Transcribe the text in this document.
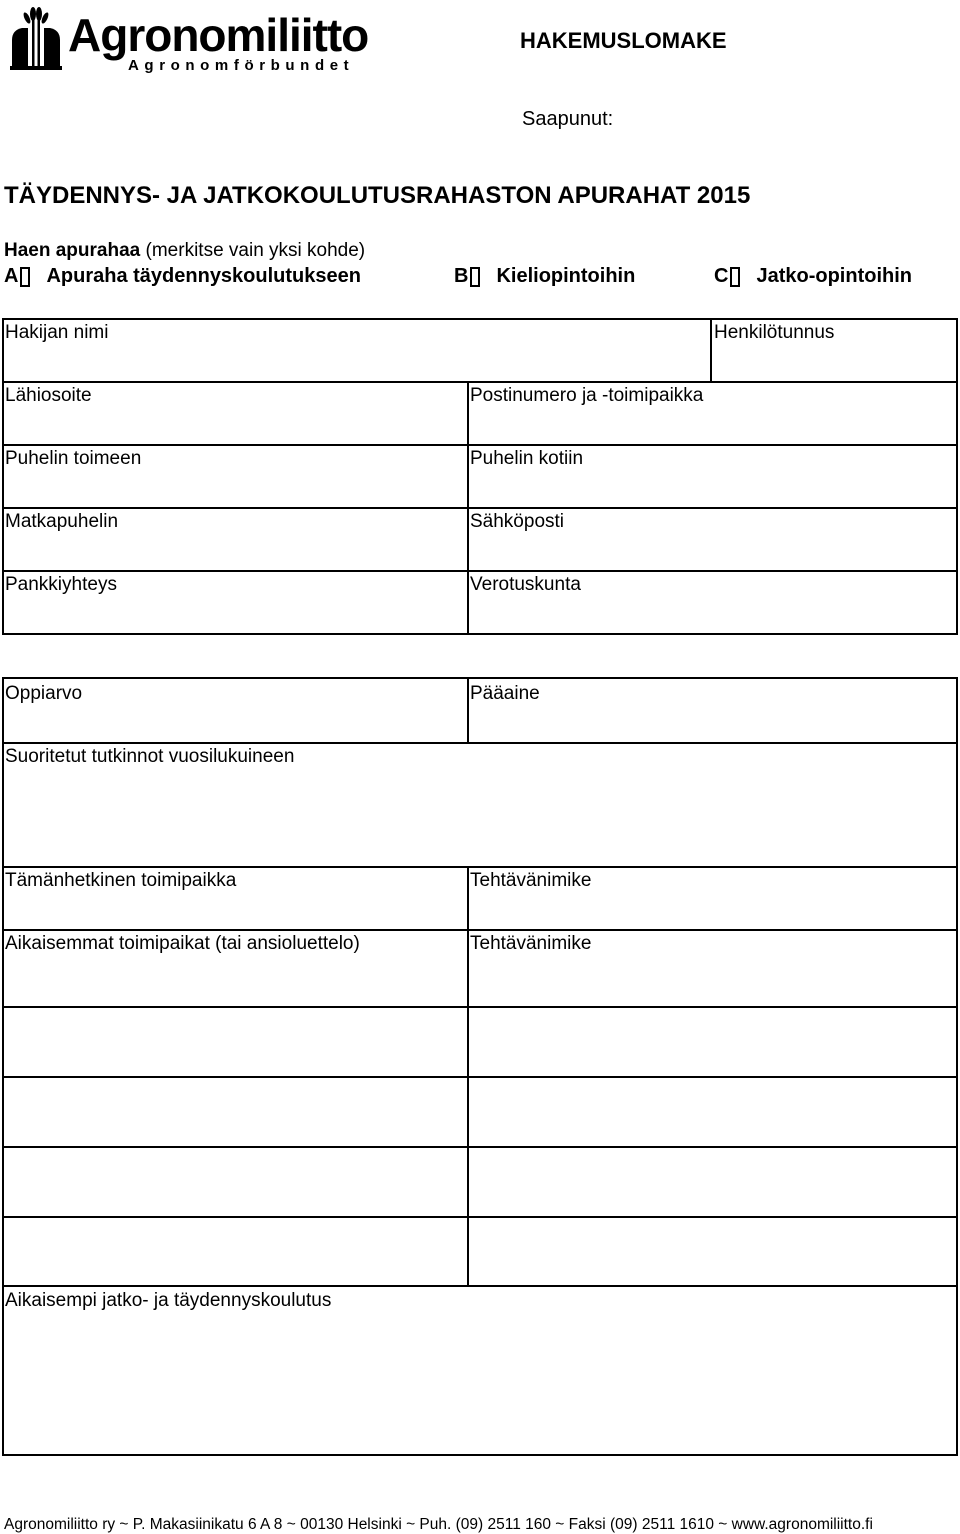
Agronomiliitto
Agronomförbundet
HAKEMUSLOMAKE
Saapunut:
TÄYDENNYS- JA JATKOKOULUTUSRAHASTON APURAHAT 2015
Haen apurahaa (merkitse vain yksi kohde)
A Apuraha täydennyskoulutukseen	B Kieliopintoihin	C Jatko-opintoihin
Hakijan nimi	Henkilötunnus
Lähiosoite	Postinumero ja -toimipaikka
Puhelin toimeen	Puhelin kotiin
Matkapuhelin	Sähköposti
Pankkiyhteys	Verotuskunta
Oppiarvo	Pääaine
Suoritetut tutkinnot vuosilukuineen
Tämänhetkinen toimipaikka	Tehtävänimike
Aikaisemmat toimipaikat (tai ansioluettelo)	Tehtävänimike
Aikaisempi jatko- ja täydennyskoulutus
Agronomiliitto ry ~ P. Makasiinikatu 6 A 8 ~ 00130 Helsinki ~ Puh. (09) 2511 160 ~ Faksi (09) 2511 1610 ~ www.agronomiliitto.fi
